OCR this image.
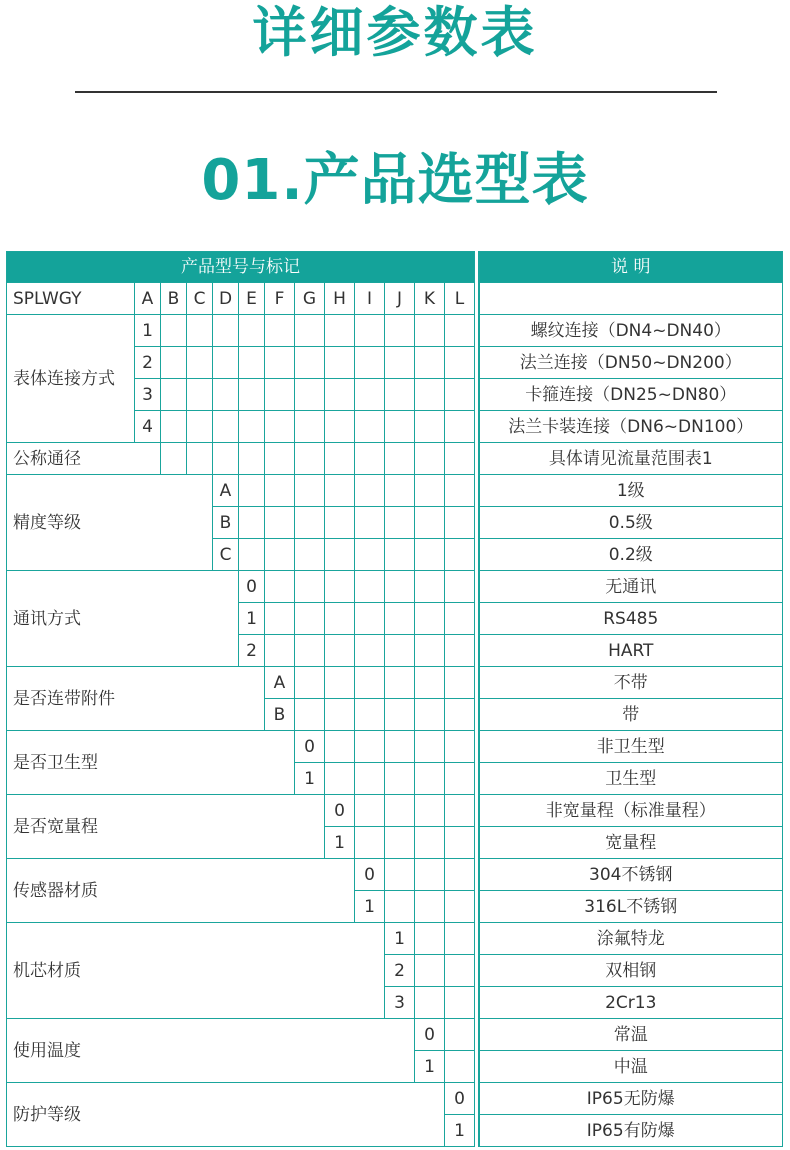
详细参数表
01.产品选型表
产品型号与标记														说 明
SPLWGY	A	B	C	D	E	F	G	H	I	J	K	L		
表体连接方式	1													螺纹连接（DN4~DN40）
	2													法兰连接（DN50~DN200）
	3													卡箍连接（DN25~DN80）
	4													法兰卡装连接（DN6~DN100）
公称通径														具体请见流量范围表1
精度等级				A										1级
				B										0.5级
				C										0.2级
通讯方式					0									无通讯
					1									RS485
					2									HART
是否连带附件						A								不带
						B								带
是否卫生型							0							非卫生型
							1							卫生型
是否宽量程								0						非宽量程（标准量程）
								1						宽量程
传感器材质									0					304不锈钢
									1					316L不锈钢
机芯材质										1				涂氟特龙
										2				双相钢
										3				2Cr13
使用温度											0			常温
											1			中温
防护等级												0		IP65无防爆
												1		IP65有防爆
